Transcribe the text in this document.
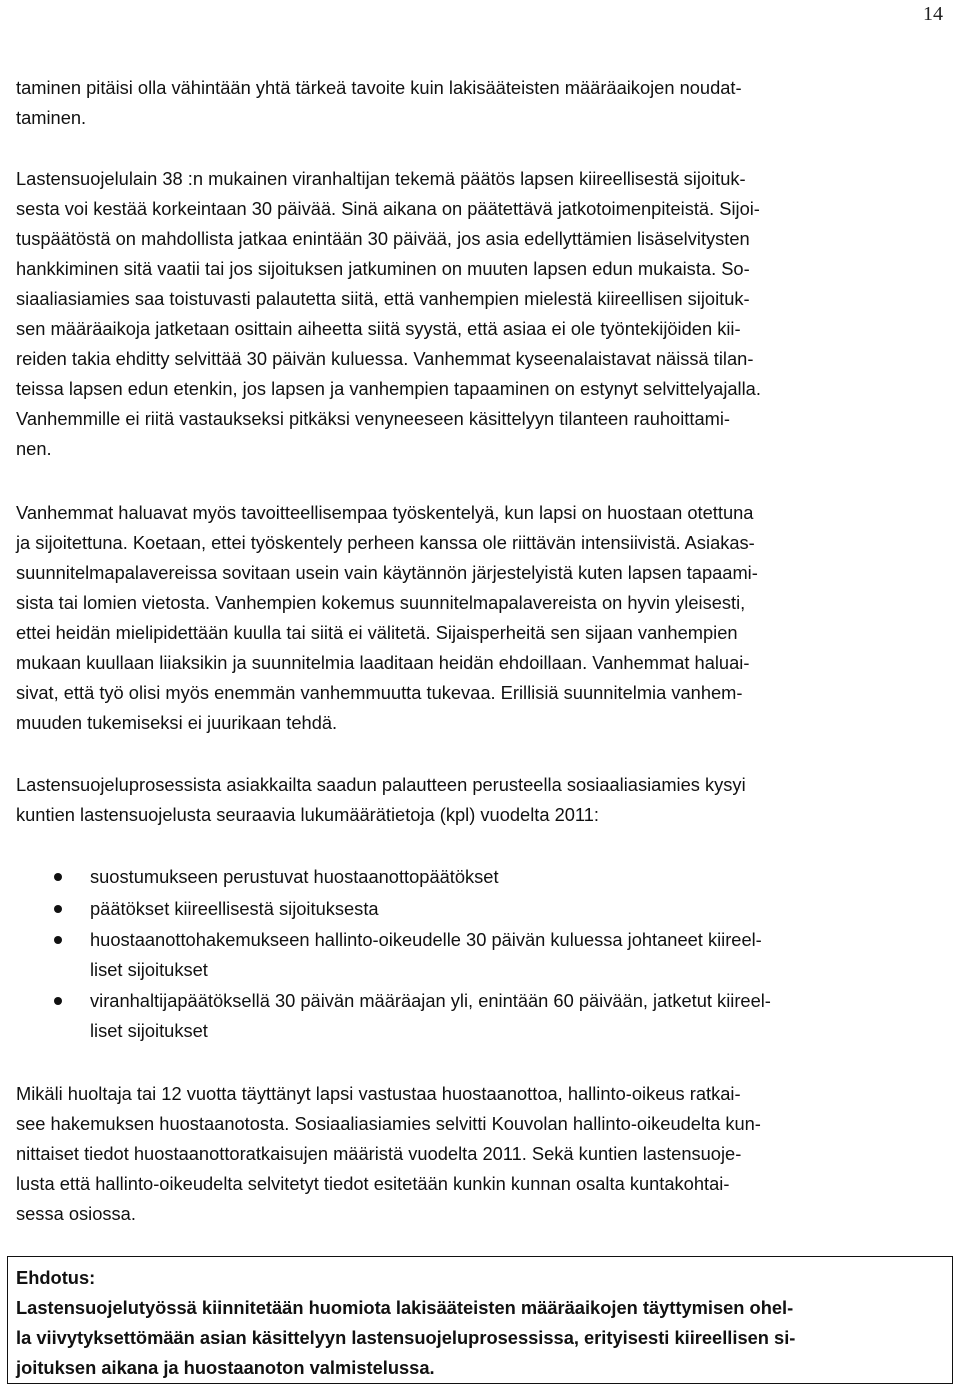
14
taminen pitäisi olla vähintään yhtä tärkeä tavoite kuin lakisääteisten määräaikojen noudat-
taminen.
Lastensuojelulain 38 :n mukainen viranhaltijan tekemä päätös lapsen kiireellisestä sijoituk-
sesta voi kestää korkeintaan 30 päivää. Sinä aikana on päätettävä jatkotoimenpiteistä. Sijoi-
tuspäätöstä on mahdollista jatkaa enintään 30 päivää, jos asia edellyttämien lisäselvitysten
hankkiminen sitä vaatii tai jos sijoituksen jatkuminen on muuten lapsen edun mukaista. So-
siaaliasiamies saa toistuvasti palautetta siitä, että vanhempien mielestä kiireellisen sijoituk-
sen määräaikoja jatketaan osittain aiheetta siitä syystä, että asiaa ei ole työntekijöiden kii-
reiden takia ehditty selvittää 30 päivän kuluessa. Vanhemmat kyseenalaistavat näissä tilan-
teissa lapsen edun etenkin, jos lapsen ja vanhempien tapaaminen on estynyt selvittelyajalla.
Vanhemmille ei riitä vastaukseksi pitkäksi venyneeseen käsittelyyn tilanteen rauhoittami-
nen.
Vanhemmat haluavat myös tavoitteellisempaa työskentelyä, kun lapsi on huostaan otettuna
ja sijoitettuna. Koetaan, ettei työskentely perheen kanssa ole riittävän intensiivistä. Asiakas-
suunnitelmapalavereissa sovitaan usein vain käytännön järjestelyistä kuten lapsen tapaami-
sista tai lomien vietosta. Vanhempien kokemus suunnitelmapalavereista on hyvin yleisesti,
ettei heidän mielipidettään kuulla tai siitä ei välitetä. Sijaisperheitä sen sijaan vanhempien
mukaan kuullaan liiaksikin ja suunnitelmia laaditaan heidän ehdoillaan. Vanhemmat haluai-
sivat, että työ olisi myös enemmän vanhemmuutta tukevaa. Erillisiä suunnitelmia vanhem-
muuden tukemiseksi ei juurikaan tehdä.
Lastensuojeluprosessista asiakkailta saadun palautteen perusteella sosiaaliasiamies kysyi
kuntien lastensuojelusta seuraavia lukumäärätietoja (kpl) vuodelta 2011:
suostumukseen perustuvat huostaanottopäätökset
päätökset kiireellisestä sijoituksesta
huostaanottohakemukseen hallinto-oikeudelle 30 päivän kuluessa johtaneet kiireel-
liset sijoitukset
viranhaltijapäätöksellä 30 päivän määräajan yli, enintään 60 päivään, jatketut kiireel-
liset sijoitukset
Mikäli huoltaja tai 12 vuotta täyttänyt lapsi vastustaa huostaanottoa, hallinto-oikeus ratkai-
see hakemuksen huostaanotosta. Sosiaaliasiamies selvitti Kouvolan hallinto-oikeudelta kun-
nittaiset tiedot huostaanottoratkaisujen määristä vuodelta 2011. Sekä kuntien lastensuoje-
lusta että hallinto-oikeudelta selvitetyt tiedot esitetään kunkin kunnan osalta kuntakohtai-
sessa osiossa.
Ehdotus:
Lastensuojelutyössä kiinnitetään huomiota lakisääteisten määräaikojen täyttymisen ohel-
la viivytyksettömään asian käsittelyyn lastensuojeluprosessissa, erityisesti kiireellisen si-
joituksen aikana ja huostaanoton valmistelussa.
